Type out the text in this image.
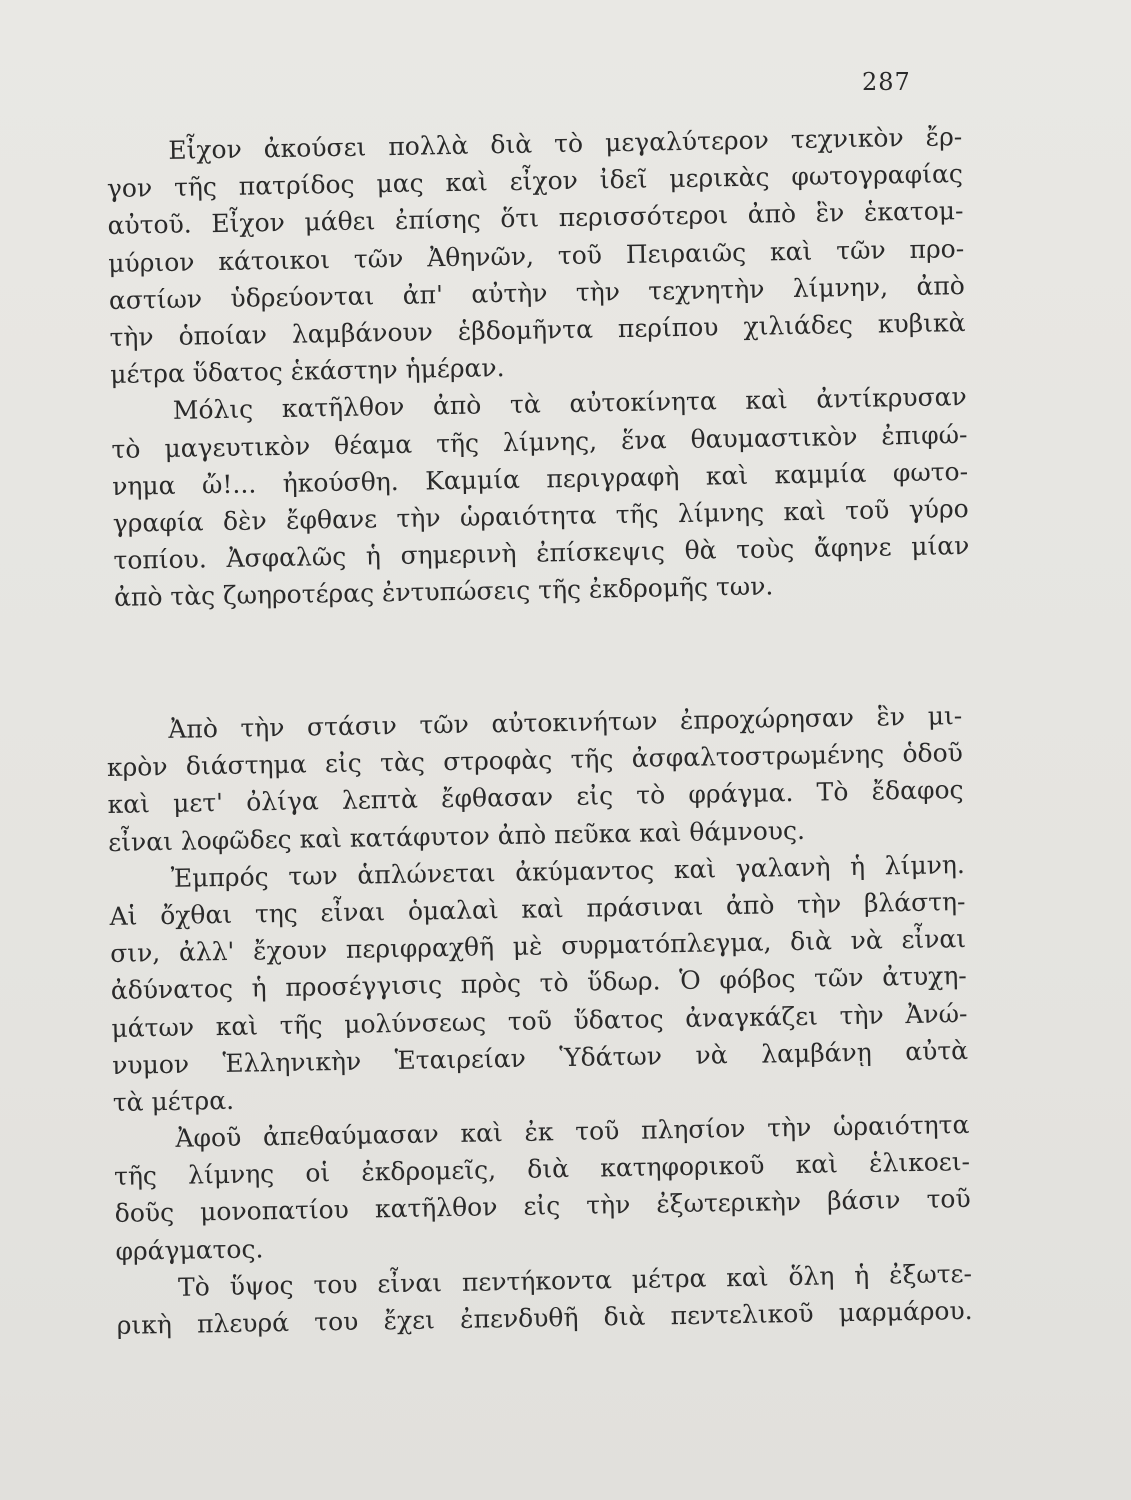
287
Εἶχον ἀκούσει πολλὰ διὰ τὸ μεγαλύτερον τεχνικὸν ἔρ-
γον τῆς πατρίδος μας καὶ εἶχον ἰδεῖ μερικὰς φωτογραφίας
αὐτοῦ. Εἶχον μάθει ἐπίσης ὅτι περισσότεροι ἀπὸ ἓν ἑκατομ-
μύριον κάτοικοι τῶν Ἀθηνῶν, τοῦ Πειραιῶς καὶ τῶν προ-
αστίων ὑδρεύονται ἀπ' αὐτὴν τὴν τεχνητὴν λίμνην, ἀπὸ
τὴν ὁποίαν λαμβάνουν ἑβδομῆντα περίπου χιλιάδες κυβικὰ
μέτρα ὕδατος ἑκάστην ἡμέραν.
Μόλις κατῆλθον ἀπὸ τὰ αὐτοκίνητα καὶ ἀντίκρυσαν
τὸ μαγευτικὸν θέαμα τῆς λίμνης, ἕνα θαυμαστικὸν ἐπιφώ-
νημα ὤ!... ἠκούσθη. Καμμία περιγραφὴ καὶ καμμία φωτο-
γραφία δὲν ἔφθανε τὴν ὡραιότητα τῆς λίμνης καὶ τοῦ γύρο
τοπίου. Ἀσφαλῶς ἡ σημερινὴ ἐπίσκεψις θὰ τοὺς ἄφηνε μίαν
ἀπὸ τὰς ζωηροτέρας ἐντυπώσεις τῆς ἐκδρομῆς των.
Ἀπὸ τὴν στάσιν τῶν αὐτοκινήτων ἐπροχώρησαν ἓν μι-
κρὸν διάστημα εἰς τὰς στροφὰς τῆς ἀσφαλτοστρωμένης ὁδοῦ
καὶ μετ' ὀλίγα λεπτὰ ἔφθασαν εἰς τὸ φράγμα. Τὸ ἔδαφος
εἶναι λοφῶδες καὶ κατάφυτον ἀπὸ πεῦκα καὶ θάμνους.
Ἐμπρός των ἁπλώνεται ἀκύμαντος καὶ γαλανὴ ἡ λίμνη.
Αἱ ὄχθαι της εἶναι ὁμαλαὶ καὶ πράσιναι ἀπὸ τὴν βλάστη-
σιν, ἀλλ' ἔχουν περιφραχθῆ μὲ συρματόπλεγμα, διὰ νὰ εἶναι
ἀδύνατος ἡ προσέγγισις πρὸς τὸ ὕδωρ. Ὁ φόβος τῶν ἀτυχη-
μάτων καὶ τῆς μολύνσεως τοῦ ὕδατος ἀναγκάζει τὴν Ἀνώ-
νυμον Ἑλληνικὴν Ἑταιρείαν Ὑδάτων νὰ λαμβάνῃ αὐτὰ
τὰ μέτρα.
Ἀφοῦ ἀπεθαύμασαν καὶ ἐκ τοῦ πλησίον τὴν ὡραιότητα
τῆς λίμνης οἱ ἐκδρομεῖς, διὰ κατηφορικοῦ καὶ ἑλικοει-
δοῦς μονοπατίου κατῆλθον εἰς τὴν ἐξωτερικὴν βάσιν τοῦ
φράγματος.
Τὸ ὕψος του εἶναι πεντήκοντα μέτρα καὶ ὅλη ἡ ἐξωτε-
ρικὴ πλευρά του ἔχει ἐπενδυθῆ διὰ πεντελικοῦ μαρμάρου.
